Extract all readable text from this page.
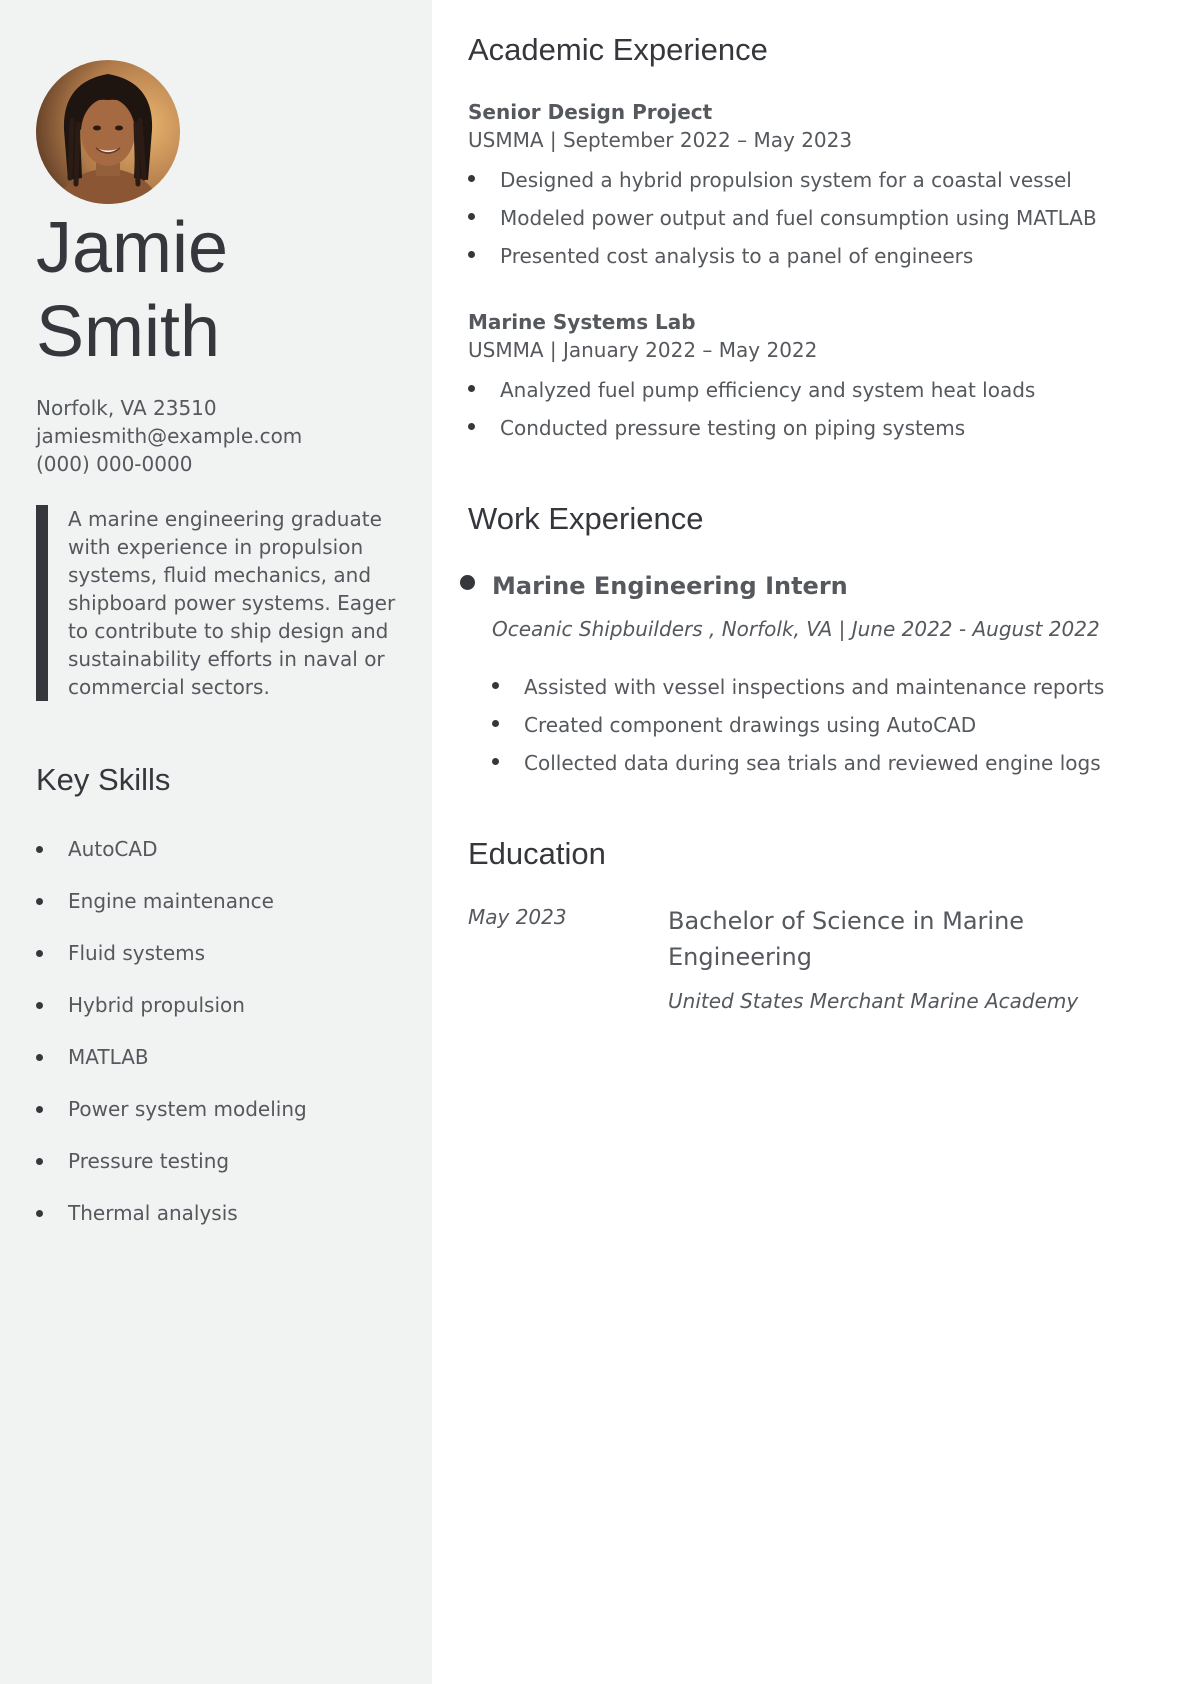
Jamie
Smith
Norfolk, VA 23510
jamiesmith@example.com
(000) 000-0000
A marine engineering graduate with experience in propulsion systems, fluid mechanics, and shipboard power systems. Eager to contribute to ship design and sustainability efforts in naval or commercial sectors.
Key Skills
AutoCAD
Engine maintenance
Fluid systems
Hybrid propulsion
MATLAB
Power system modeling
Pressure testing
Thermal analysis
Academic Experience
Senior Design Project
USMMA | September 2022 – May 2023
Designed a hybrid propulsion system for a coastal vessel
Modeled power output and fuel consumption using MATLAB
Presented cost analysis to a panel of engineers
Marine Systems Lab
USMMA | January 2022 – May 2022
Analyzed fuel pump efficiency and system heat loads
Conducted pressure testing on piping systems
Work Experience
Marine Engineering Intern
Oceanic Shipbuilders , Norfolk, VA | June 2022 - August 2022
Assisted with vessel inspections and maintenance reports
Created component drawings using AutoCAD
Collected data during sea trials and reviewed engine logs
Education
May 2023	Bachelor of Science in Marine Engineering
United States Merchant Marine Academy
